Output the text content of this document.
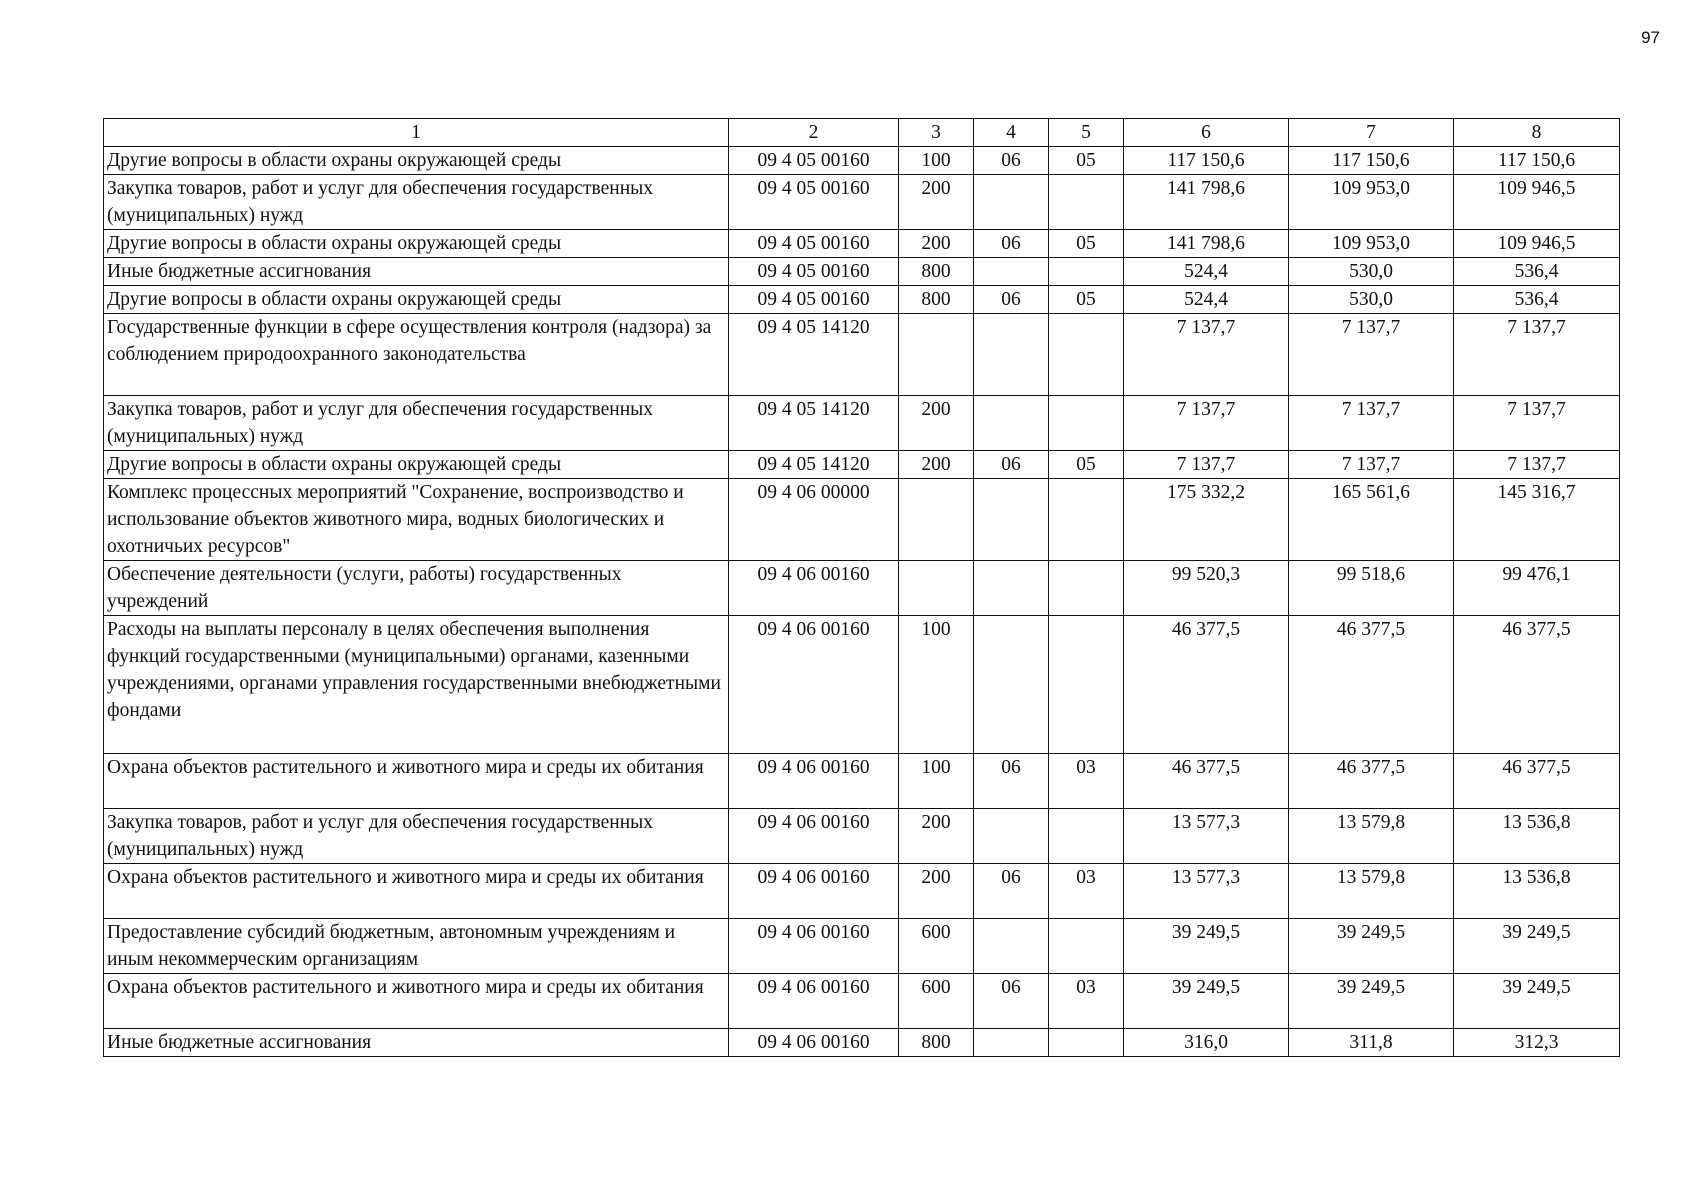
97
1	2	3	4	5	6	7	8
Другие вопросы в области охраны окружающей среды	09 4 05 00160	100	06	05	117 150,6	117 150,6	117 150,6
Закупка товаров, работ и услуг для обеспечения государственных (муниципальных) нужд	09 4 05 00160	200			141 798,6	109 953,0	109 946,5
Другие вопросы в области охраны окружающей среды	09 4 05 00160	200	06	05	141 798,6	109 953,0	109 946,5
Иные бюджетные ассигнования	09 4 05 00160	800			524,4	530,0	536,4
Другие вопросы в области охраны окружающей среды	09 4 05 00160	800	06	05	524,4	530,0	536,4
Государственные функции в сфере осуществления контроля (надзора) за соблюдением природоохранного законодательства	09 4 05 14120				7 137,7	7 137,7	7 137,7
Закупка товаров, работ и услуг для обеспечения государственных (муниципальных) нужд	09 4 05 14120	200			7 137,7	7 137,7	7 137,7
Другие вопросы в области охраны окружающей среды	09 4 05 14120	200	06	05	7 137,7	7 137,7	7 137,7
Комплекс процессных мероприятий "Сохранение, воспроизводство и использование объектов животного мира, водных биологических и охотничьих ресурсов"	09 4 06 00000				175 332,2	165 561,6	145 316,7
Обеспечение деятельности (услуги, работы) государственных учреждений	09 4 06 00160				99 520,3	99 518,6	99 476,1
Расходы на выплаты персоналу в целях обеспечения выполнения функций государственными (муниципальными) органами, казенными учреждениями, органами управления государственными внебюджетными фондами	09 4 06 00160	100			46 377,5	46 377,5	46 377,5
Охрана объектов растительного и животного мира и среды их обитания	09 4 06 00160	100	06	03	46 377,5	46 377,5	46 377,5
Закупка товаров, работ и услуг для обеспечения государственных (муниципальных) нужд	09 4 06 00160	200			13 577,3	13 579,8	13 536,8
Охрана объектов растительного и животного мира и среды их обитания	09 4 06 00160	200	06	03	13 577,3	13 579,8	13 536,8
Предоставление субсидий бюджетным, автономным учреждениям и иным некоммерческим организациям	09 4 06 00160	600			39 249,5	39 249,5	39 249,5
Охрана объектов растительного и животного мира и среды их обитания	09 4 06 00160	600	06	03	39 249,5	39 249,5	39 249,5
Иные бюджетные ассигнования	09 4 06 00160	800			316,0	311,8	312,3
